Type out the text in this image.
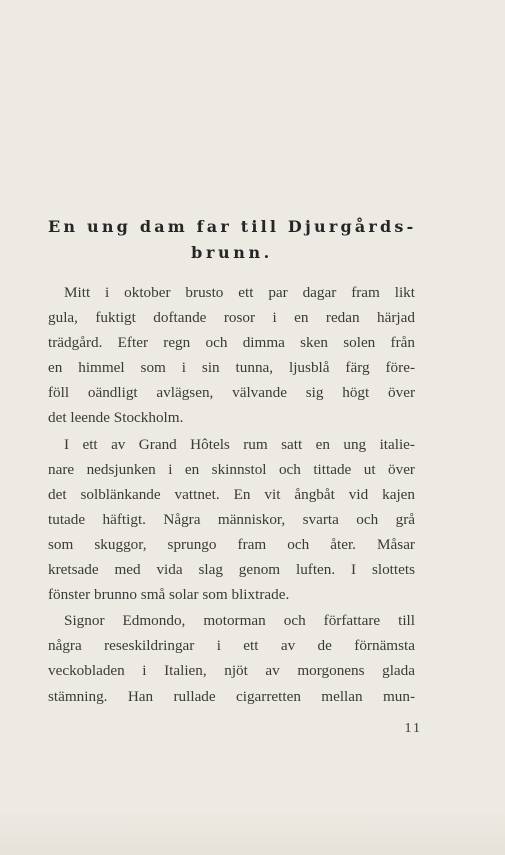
En ung dam far till Djurgårds-
brunn.

Mitt i oktober brusto ett par dagar fram likt
gula, fuktigt doftande rosor i en redan härjad
trädgård. Efter regn och dimma sken solen från
en himmel som i sin tunna, ljusblå färg före-
föll oändligt avlägsen, välvande sig högt över
det leende Stockholm.

I ett av Grand Hôtels rum satt en ung italie-
nare nedsjunken i en skinnstol och tittade ut över
det solblänkande vattnet. En vit ångbåt vid kajen
tutade häftigt. Några människor, svarta och grå
som skuggor, sprungo fram och åter. Måsar
kretsade med vida slag genom luften. I slottets
fönster brunno små solar som blixtrade.

Signor Edmondo, motorman och författare till
några reseskildringar i ett av de förnämsta
veckobladen i Italien, njöt av morgonens glada
stämning. Han rullade cigarretten mellan mun-

11
